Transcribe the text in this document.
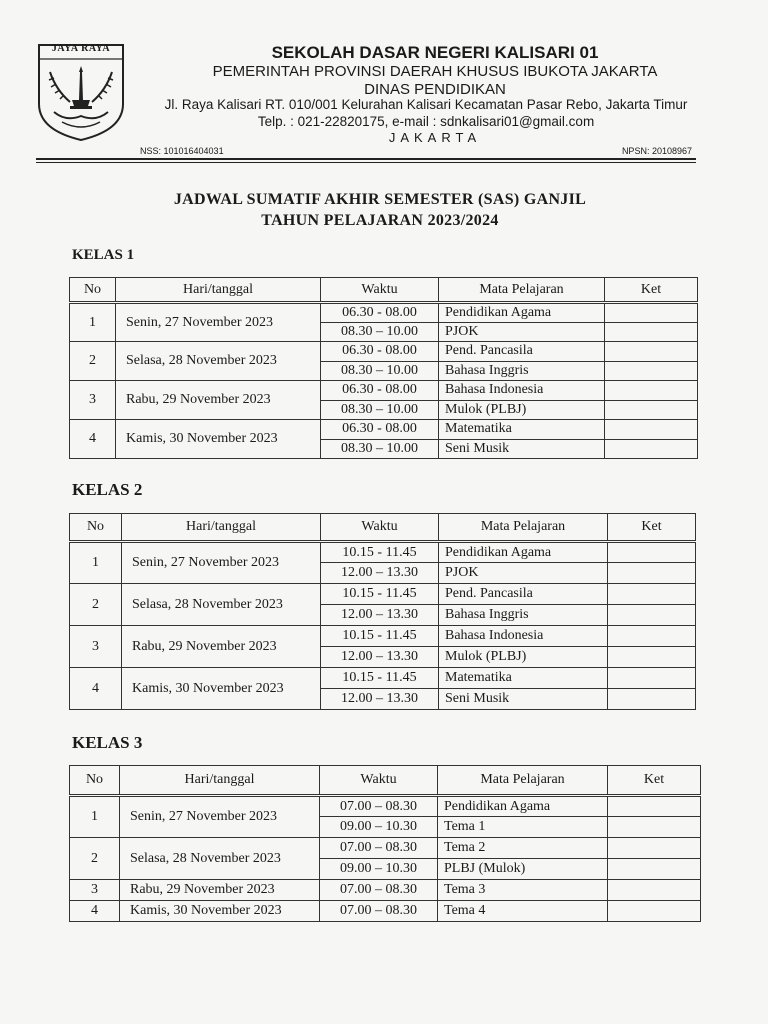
JAYA RAYA	SEKOLAH DASAR NEGERI KALISARI 01
PEMERINTAH PROVINSI DAERAH KHUSUS IBUKOTA JAKARTA
DINAS PENDIDIKAN
Jl. Raya Kalisari RT. 010/001 Kelurahan Kalisari Kecamatan Pasar Rebo, Jakarta Timur
Telp. : 021-22820175, e-mail : sdnkalisari01@gmail.com
JAKARTA
NSS: 101016404031	NPSN: 20108967
JADWAL SUMATIF AKHIR SEMESTER (SAS) GANJIL
TAHUN PELAJARAN 2023/2024
KELAS 1
No	Hari/tanggal	Waktu	Mata Pelajaran	Ket
1	Senin, 27 November 2023	06.30 - 08.00	Pendidikan Agama	
		08.30 – 10.00	PJOK	
2	Selasa, 28 November 2023	06.30 - 08.00	Pend. Pancasila	
		08.30 – 10.00	Bahasa Inggris	
3	Rabu, 29 November 2023	06.30 - 08.00	Bahasa Indonesia	
		08.30 – 10.00	Mulok (PLBJ)	
4	Kamis, 30 November 2023	06.30 - 08.00	Matematika	
		08.30 – 10.00	Seni Musik	
KELAS 2
No	Hari/tanggal	Waktu	Mata Pelajaran	Ket
1	Senin, 27 November 2023	10.15 - 11.45	Pendidikan Agama	
		12.00 – 13.30	PJOK	
2	Selasa, 28 November 2023	10.15 - 11.45	Pend. Pancasila	
		12.00 – 13.30	Bahasa Inggris	
3	Rabu, 29 November 2023	10.15 - 11.45	Bahasa Indonesia	
		12.00 – 13.30	Mulok (PLBJ)	
4	Kamis, 30 November 2023	10.15 - 11.45	Matematika	
		12.00 – 13.30	Seni Musik	
KELAS 3
No	Hari/tanggal	Waktu	Mata Pelajaran	Ket
1	Senin, 27 November 2023	07.00 – 08.30	Pendidikan Agama	
		09.00 – 10.30	Tema 1	
2	Selasa, 28 November 2023	07.00 – 08.30	Tema 2	
		09.00 – 10.30	PLBJ (Mulok)	
3	Rabu, 29 November 2023	07.00 – 08.30	Tema 3	
4	Kamis, 30 November 2023	07.00 – 08.30	Tema 4	
